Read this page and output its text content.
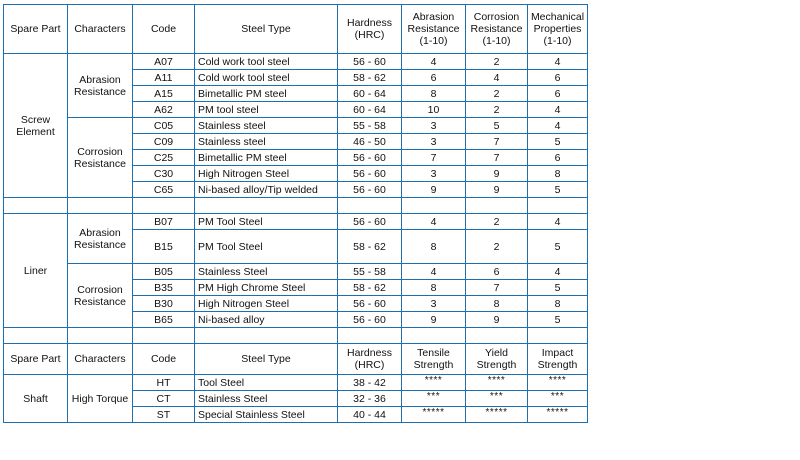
Spare Part	Characters	Code	Steel Type	Hardness (HRC)	Abrasion Resistance (1-10)	Corrosion Resistance (1-10)	Mechanical Properties (1-10)
Screw Element	Abrasion Resistance	A07	Cold work tool steel	56 - 60	4	2	4
		A11	Cold work tool steel	58 - 62	6	4	6
		A15	Bimetallic PM steel	60 - 64	8	2	6
		A62	PM tool steel	60 - 64	10	2	4
	Corrosion Resistance	C05	Stainless steel	55 - 58	3	5	4
		C09	Stainless steel	46 - 50	3	7	5
		C25	Bimetallic PM steel	56 - 60	7	7	6
		C30	High Nitrogen Steel	56 - 60	3	9	8
		C65	Ni-based alloy/Tip welded	56 - 60	9	9	5

Liner	Abrasion Resistance	B07	PM Tool Steel	56 - 60	4	2	4
		B15	PM Tool Steel	58 - 62	8	2	5
	Corrosion Resistance	B05	Stainless Steel	55 - 58	4	6	4
		B35	PM High Chrome Steel	58 - 62	8	7	5
		B30	High Nitrogen Steel	56 - 60	3	8	8
		B65	Ni-based alloy	56 - 60	9	9	5

Spare Part	Characters	Code	Steel Type	Hardness (HRC)	Tensile Strength	Yield Strength	Impact Strength
Shaft	High Torque	HT	Tool Steel	38 - 42	****	****	****
		CT	Stainless Steel	32 - 36	***	***	***
		ST	Special Stainless Steel	40 - 44	*****	*****	*****
